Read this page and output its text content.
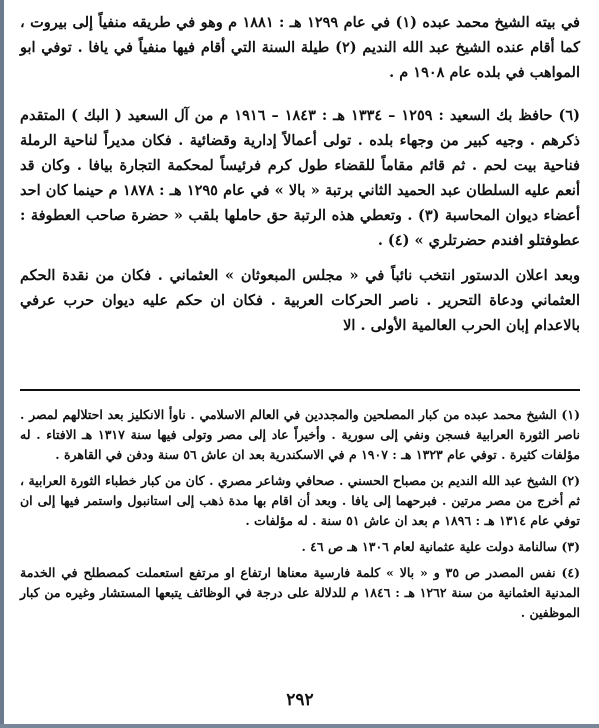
في بيته الشيخ محمد عبده (١) في عام ١٢٩٩ هـ : ١٨٨١ م وهو في طريقه منفياً إلى بيروت ، كما أقام عنده الشيخ عبد الله النديم (٢) طيلة السنة التي أقام فيها منفياً في يافا . توفي ابو المواهب في بلده عام ١٩٠٨ م .

(٦) حافظ بك السعيد : ١٢٥٩ – ١٣٣٤ هـ : ١٨٤٣ – ١٩١٦ م من آل السعيد ( البك ) المتقدم ذكرهم . وجيه كبير من وجهاء بلده . تولى أعمالاً إدارية وقضائية . فكان مديراً لناحية الرملة فناحية بيت لحم . ثم قائم مقاماً للقضاء طول كرم فرئيساً لمحكمة التجارة بيافا . وكان قد أنعم عليه السلطان عبد الحميد الثاني برتبة « بالا » في عام ١٢٩٥ هـ : ١٨٧٨ م حينما كان احد أعضاء ديوان المحاسبة (٣) . وتعطي هذه الرتبة حق حاملها بلقب « حضرة صاحب العطوفة : عطوفتلو افندم حضرتلري » (٤) .

وبعد اعلان الدستور انتخب نائباً في « مجلس المبعوثان » العثماني . فكان من نقدة الحكم العثماني ودعاة التحرير . ناصر الحركات العربية . فكان ان حكم عليه ديوان حرب عرفي بالاعدام إبان الحرب العالمية الأولى . الا

(١) الشيخ محمد عبده من كبار المصلحين والمجددين في العالم الاسلامي . ناوأ الانكليز بعد احتلالهم لمصر . ناصر الثورة العرابية فسجن ونفي إلى سورية . وأخيراً عاد إلى مصر وتولى فيها سنة ١٣١٧ هـ الافتاء . له مؤلفات كثيرة . توفي عام ١٣٢٣ هـ : ١٩٠٧ م في الاسكندرية بعد ان عاش ٥٦ سنة ودفن في القاهرة .

(٢) الشيخ عبد الله النديم بن مصباح الحسني . صحافي وشاعر مصري . كان من كبار خطباء الثورة العرابية ، ثم أخرج من مصر مرتين . فبرحهما إلى يافا . وبعد أن اقام بها مدة ذهب إلى استانبول واستمر فيها إلى ان توفي عام ١٣١٤ هـ : ١٨٩٦ م بعد ان عاش ٥١ سنة . له مؤلفات .

(٣) سالنامة دولت علية عثمانية لعام ١٣٠٦ هـ ص ٤٦ .

(٤) نفس المصدر ص ٣٥ و « بالا » كلمة فارسية معناها ارتفاع او مرتفع استعملت كمصطلح في الخدمة المدنية العثمانية من سنة ١٢٦٢ هـ : ١٨٤٦ م للدلالة على درجة في الوظائف يتبعها المستشار وغيره من كبار الموظفين .

٢٩٢
